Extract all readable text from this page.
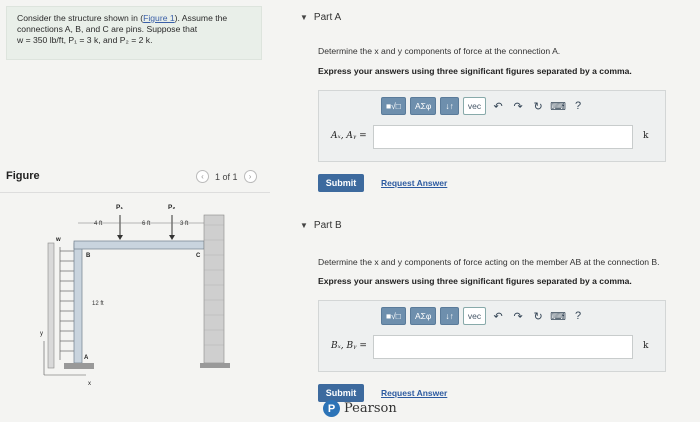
Consider the structure shown in (Figure 1). Assume the
connections A, B, and C are pins. Suppose that
w = 350 lb/ft, P₁ = 3 k, and P₂ = 2 k.
Figure	‹	1 of 1	›
4 ft	6 ft	3 ft
12 ft
P₁	P₂
w
B	C
A
y
x
▼ Part A
Determine the x and y components of force at the connection A.
Express your answers using three significant figures separated by a comma.
■√□	AΣφ	↓↑	vec	↶ ↷ ↻ ⌨ ?
Aₓ, Aᵧ =	k
Submit	Request Answer
▼ Part B
Determine the x and y components of force acting on the member AB at the connection B.
Express your answers using three significant figures separated by a comma.
■√□	AΣφ	↓↑	vec	↶ ↷ ↻ ⌨ ?
Bₓ, Bᵧ =	k
Submit	Request Answer
P Pearson
